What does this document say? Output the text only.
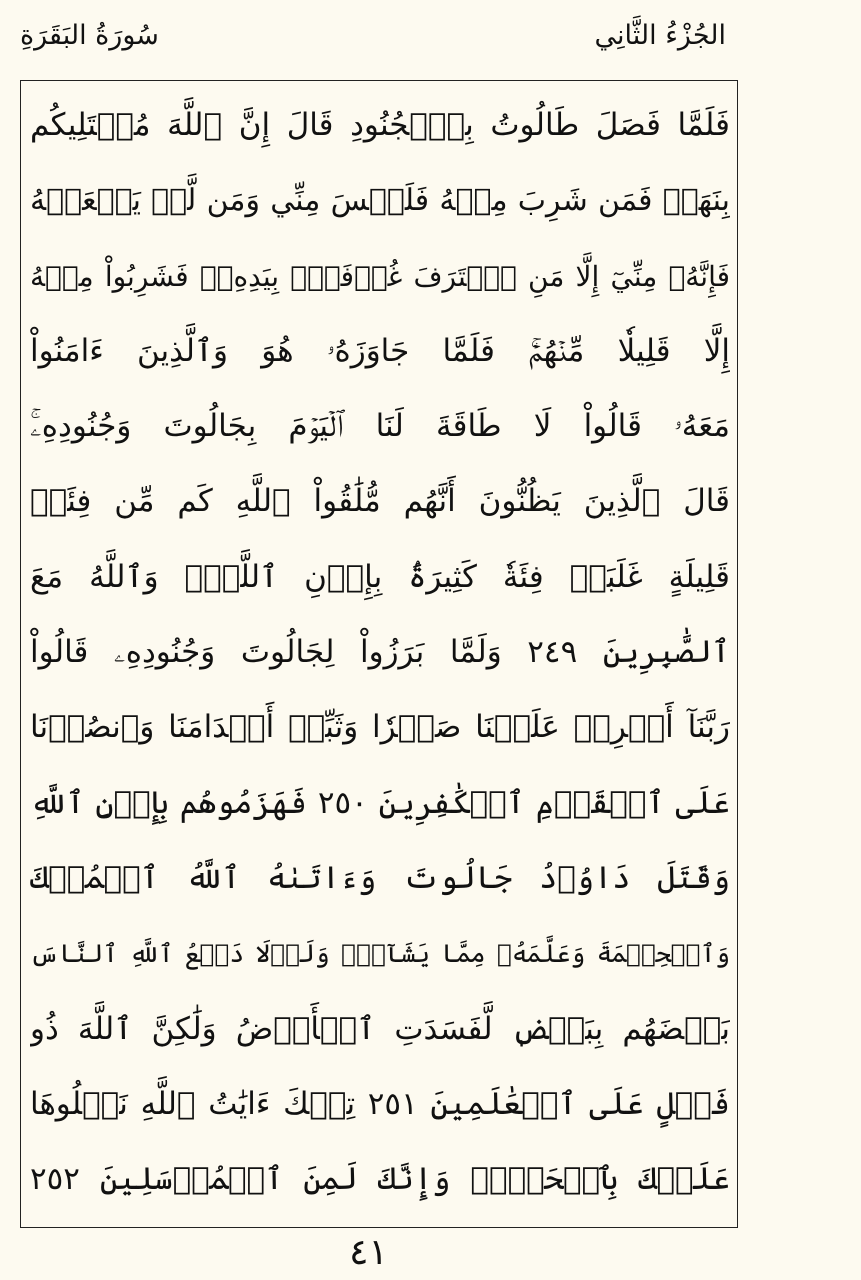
الجُزْءُ الثَّانِي
سُورَةُ البَقَرَةِ
فَلَمَّا فَصَلَ طَالُوتُ بِٱلۡجُنُودِ قَالَ إِنَّ ٱللَّهَ مُبۡتَلِيكُم
بِنَهَرٖ فَمَن شَرِبَ مِنۡهُ فَلَيۡسَ مِنِّي وَمَن لَّمۡ يَطۡعَمۡهُ
فَإِنَّهُۥ مِنِّيٓ إِلَّا مَنِ ٱغۡتَرَفَ غُرۡفَةَۢ بِيَدِهِۦۚ فَشَرِبُواْ مِنۡهُ
إِلَّا قَلِيلٗا مِّنۡهُمۡۚ فَلَمَّا جَاوَزَهُۥ هُوَ وَٱلَّذِينَ ءَامَنُواْ
مَعَهُۥ قَالُواْ لَا طَاقَةَ لَنَا ٱلۡيَوۡمَ بِجَالُوتَ وَجُنُودِهِۦۚ
قَالَ ٱلَّذِينَ يَظُنُّونَ أَنَّهُم مُّلَٰقُواْ ٱللَّهِ كَم مِّن فِئَةٖ
قَلِيلَةٍ غَلَبَتۡ فِئَةٗ كَثِيرَةَۢ بِإِذۡنِ ٱللَّهِۗ وَٱللَّهُ مَعَ
ٱلصَّٰبِرِينَ ٢٤٩ وَلَمَّا بَرَزُواْ لِجَالُوتَ وَجُنُودِهِۦ قَالُواْ
رَبَّنَآ أَفۡرِغۡ عَلَيۡنَا صَبۡرٗا وَثَبِّتۡ أَقۡدَامَنَا وَٱنصُرۡنَا
عَلَى ٱلۡقَوۡمِ ٱلۡكَٰفِرِينَ ٢٥٠ فَهَزَمُوهُم بِإِذۡنِ ٱللَّهِ
وَقَتَلَ دَاوُۥدُ جَالُوتَ وَءَاتَىٰهُ ٱللَّهُ ٱلۡمُلۡكَ
وَٱلۡحِكۡمَةَ وَعَلَّمَهُۥ مِمَّا يَشَآءُۗ وَلَوۡلَا دَفۡعُ ٱللَّهِ ٱلنَّاسَ
بَعۡضَهُم بِبَعۡضٖ لَّفَسَدَتِ ٱلۡأَرۡضُ وَلَٰكِنَّ ٱللَّهَ ذُو
فَضۡلٍ عَلَى ٱلۡعَٰلَمِينَ ٢٥١ تِلۡكَ ءَايَٰتُ ٱللَّهِ نَتۡلُوهَا
عَلَيۡكَ بِٱلۡحَقِّۚ وَإِنَّكَ لَمِنَ ٱلۡمُرۡسَلِينَ ٢٥٢
٤١
